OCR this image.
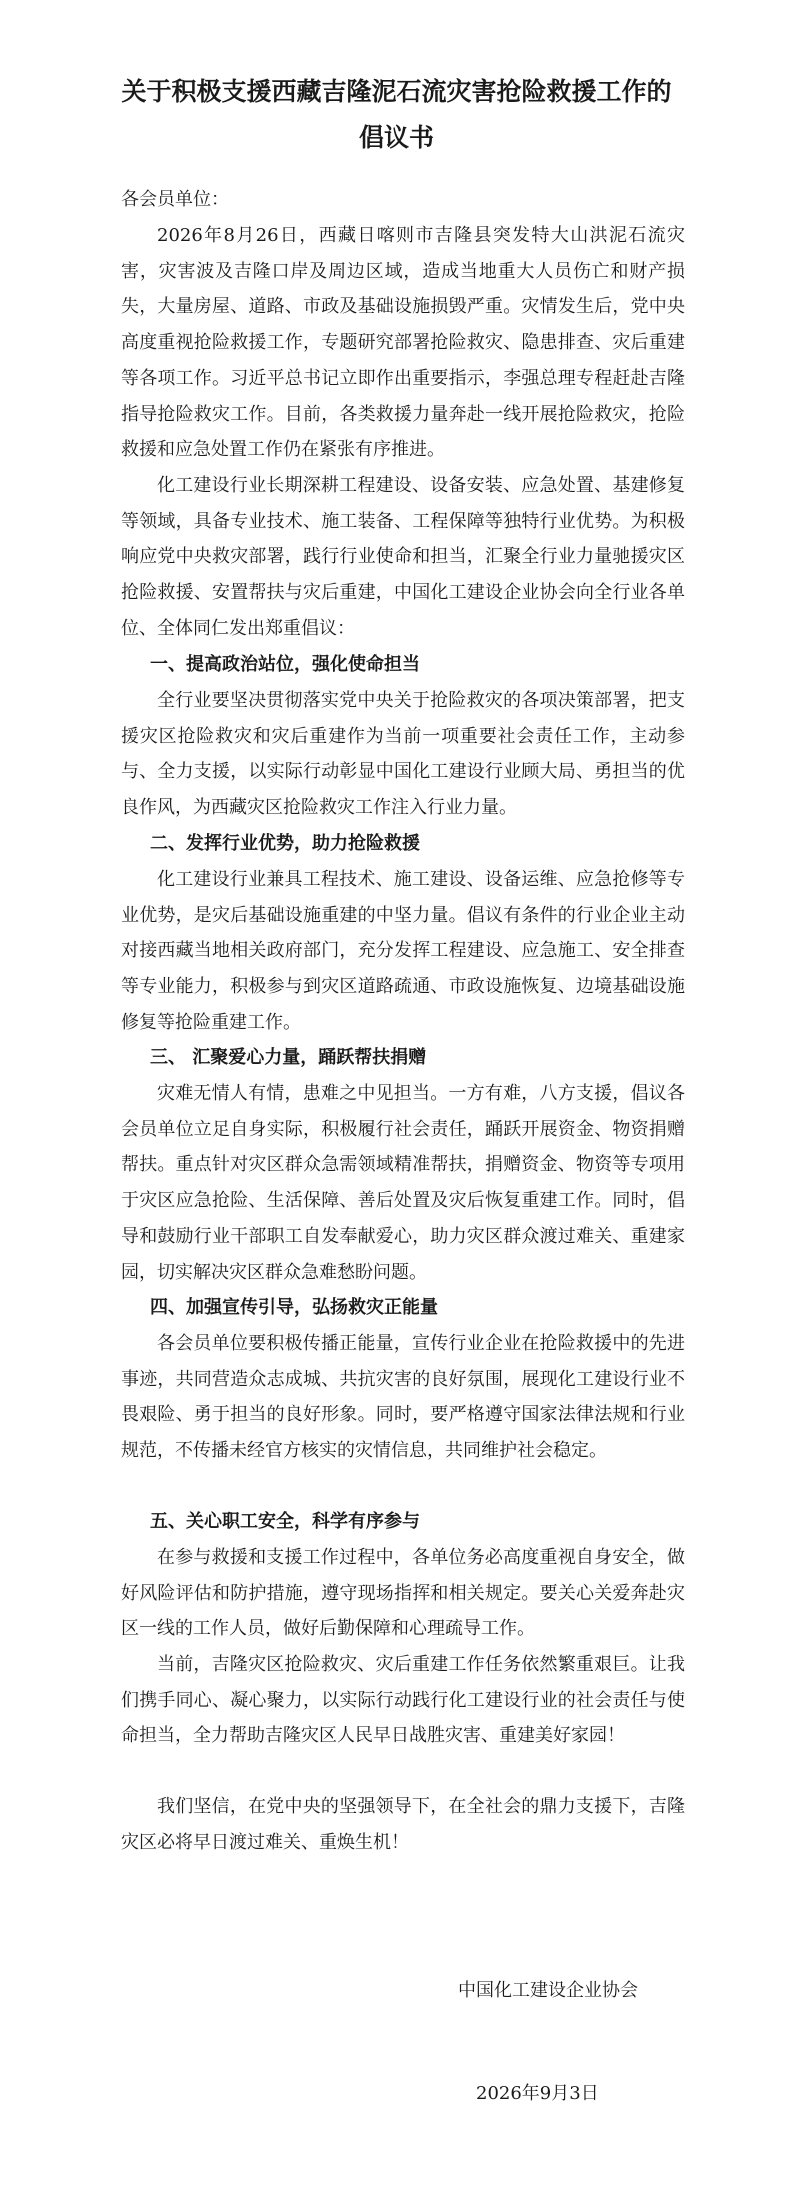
关于积极支援西藏吉隆泥石流灾害抢险救援工作的
倡议书

各会员单位：

2026年8月26日，西藏日喀则市吉隆县突发特大山洪泥石流灾害，灾害波及吉隆口岸及周边区域，造成当地重大人员伤亡和财产损失，大量房屋、道路、市政及基础设施损毁严重。灾情发生后，党中央高度重视抢险救援工作，专题研究部署抢险救灾、隐患排查、灾后重建等各项工作。习近平总书记立即作出重要指示，李强总理专程赶赴吉隆指导抢险救灾工作。目前，各类救援力量奔赴一线开展抢险救灾，抢险救援和应急处置工作仍在紧张有序推进。

化工建设行业长期深耕工程建设、设备安装、应急处置、基建修复等领域，具备专业技术、施工装备、工程保障等独特行业优势。为积极响应党中央救灾部署，践行行业使命和担当，汇聚全行业力量驰援灾区抢险救援、安置帮扶与灾后重建，中国化工建设企业协会向全行业各单位、全体同仁发出郑重倡议：

一、提高政治站位，强化使命担当

全行业要坚决贯彻落实党中央关于抢险救灾的各项决策部署，把支援灾区抢险救灾和灾后重建作为当前一项重要社会责任工作，主动参与、全力支援，以实际行动彰显中国化工建设行业顾大局、勇担当的优良作风，为西藏灾区抢险救灾工作注入行业力量。

二、发挥行业优势，助力抢险救援

化工建设行业兼具工程技术、施工建设、设备运维、应急抢修等专业优势，是灾后基础设施重建的中坚力量。倡议有条件的行业企业主动对接西藏当地相关政府部门，充分发挥工程建设、应急施工、安全排查等专业能力，积极参与到灾区道路疏通、市政设施恢复、边境基础设施修复等抢险重建工作。

三、 汇聚爱心力量，踊跃帮扶捐赠

灾难无情人有情，患难之中见担当。一方有难，八方支援，倡议各会员单位立足自身实际，积极履行社会责任，踊跃开展资金、物资捐赠帮扶。重点针对灾区群众急需领域精准帮扶，捐赠资金、物资等专项用于灾区应急抢险、生活保障、善后处置及灾后恢复重建工作。同时，倡导和鼓励行业干部职工自发奉献爱心，助力灾区群众渡过难关、重建家园，切实解决灾区群众急难愁盼问题。

四、加强宣传引导，弘扬救灾正能量

各会员单位要积极传播正能量，宣传行业企业在抢险救援中的先进事迹，共同营造众志成城、共抗灾害的良好氛围，展现化工建设行业不畏艰险、勇于担当的良好形象。同时，要严格遵守国家法律法规和行业规范，不传播未经官方核实的灾情信息，共同维护社会稳定。

五、关心职工安全，科学有序参与

在参与救援和支援工作过程中，各单位务必高度重视自身安全，做好风险评估和防护措施，遵守现场指挥和相关规定。要关心关爱奔赴灾区一线的工作人员，做好后勤保障和心理疏导工作。

当前，吉隆灾区抢险救灾、灾后重建工作任务依然繁重艰巨。让我们携手同心、凝心聚力，以实际行动践行化工建设行业的社会责任与使命担当，全力帮助吉隆灾区人民早日战胜灾害、重建美好家园！

我们坚信，在党中央的坚强领导下，在全社会的鼎力支援下，吉隆灾区必将早日渡过难关、重焕生机！

中国化工建设企业协会

2026年9月3日
